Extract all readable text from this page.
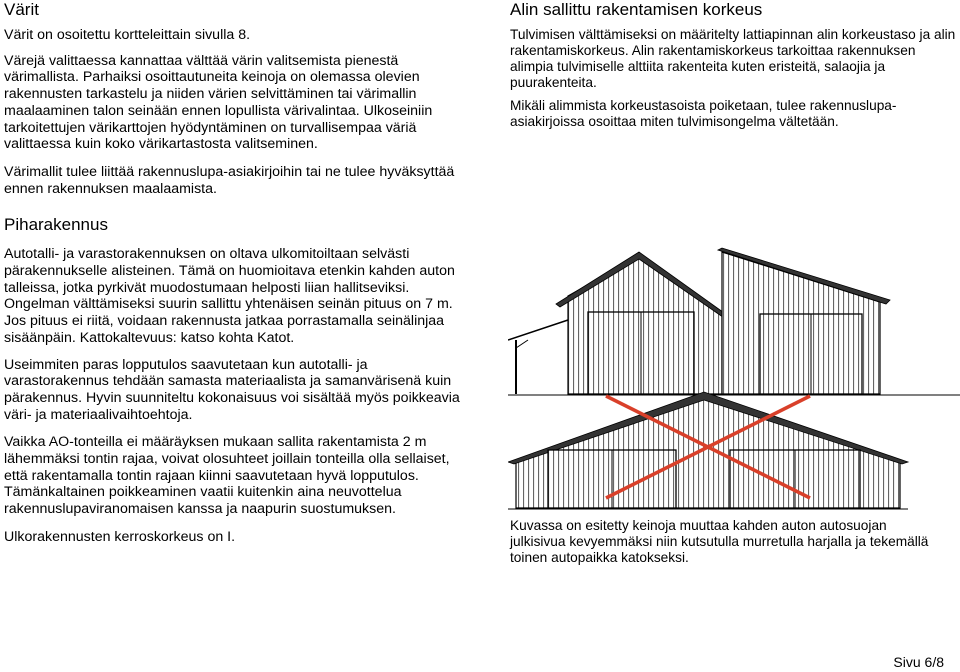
Värit

Värit on osoitettu kortteleittain sivulla 8.

Värejä valittaessa kannattaa välttää värin valitsemista pienestä värimallista. Parhaiksi osoittautuneita keinoja on olemassa olevien rakennusten tarkastelu ja niiden värien selvittäminen tai värimallin maalaaminen talon seinään ennen lopullista värivalintaa. Ulkoseiniin tarkoitettujen värikarttojen hyödyntäminen on turvallisempaa väriä valittaessa kuin koko värikartastosta valitseminen.

Värimallit tulee liittää rakennuslupa-asiakirjoihin tai ne tulee hyväksyttää ennen rakennuksen maalaamista.

Piharakennus

Autotalli- ja varastorakennuksen on oltava ulkomitoiltaan selvästi pärakennukselle alisteinen. Tämä on huomioitava etenkin kahden auton talleissa, jotka pyrkivät muodostumaan helposti liian hallitseviksi. Ongelman välttämiseksi suurin sallittu yhtenäisen seinän pituus on 7 m. Jos pituus ei riitä, voidaan rakennusta jatkaa porrastamalla seinälinjaa sisäänpäin. Kattokaltevuus: katso kohta Katot.

Useimmiten paras lopputulos saavutetaan kun autotalli- ja varastorakennus tehdään samasta materiaalista ja samanvärisenä kuin pärakennus. Hyvin suunniteltu kokonaisuus voi sisältää myös poikkeavia väri- ja materiaalivaihtoehtoja.

Vaikka AO-tonteilla ei määräyksen mukaan sallita rakentamista 2 m lähemmäksi tontin rajaa, voivat olosuhteet joillain tonteilla olla sellaiset, että rakentamalla tontin rajaan kiinni saavutetaan hyvä lopputulos. Tämänkaltainen poikkeaminen vaatii kuitenkin aina neuvottelua rakennuslupaviranomaisen kanssa ja naapurin suostumuksen.

Ulkorakennusten kerroskorkeus on I.

Alin sallittu rakentamisen korkeus

Tulvimisen välttämiseksi on määritelty lattiapinnan alin korkeustaso ja alin rakentamiskorkeus. Alin rakentamiskorkeus tarkoittaa rakennuksen alimpia tulvimiselle alttiita rakenteita kuten eristeitä, salaojia ja puurakenteita.

Mikäli alimmista korkeustasoista poiketaan, tulee rakennuslupa-asiakirjoissa osoittaa miten tulvimisongelma vältetään.

Kuvassa on esitetty keinoja muuttaa kahden auton autosuojan julkisivua kevyemmäksi niin kutsutulla murretulla harjalla ja tekemällä toinen autopaikka katokseksi.

Sivu 6/8
